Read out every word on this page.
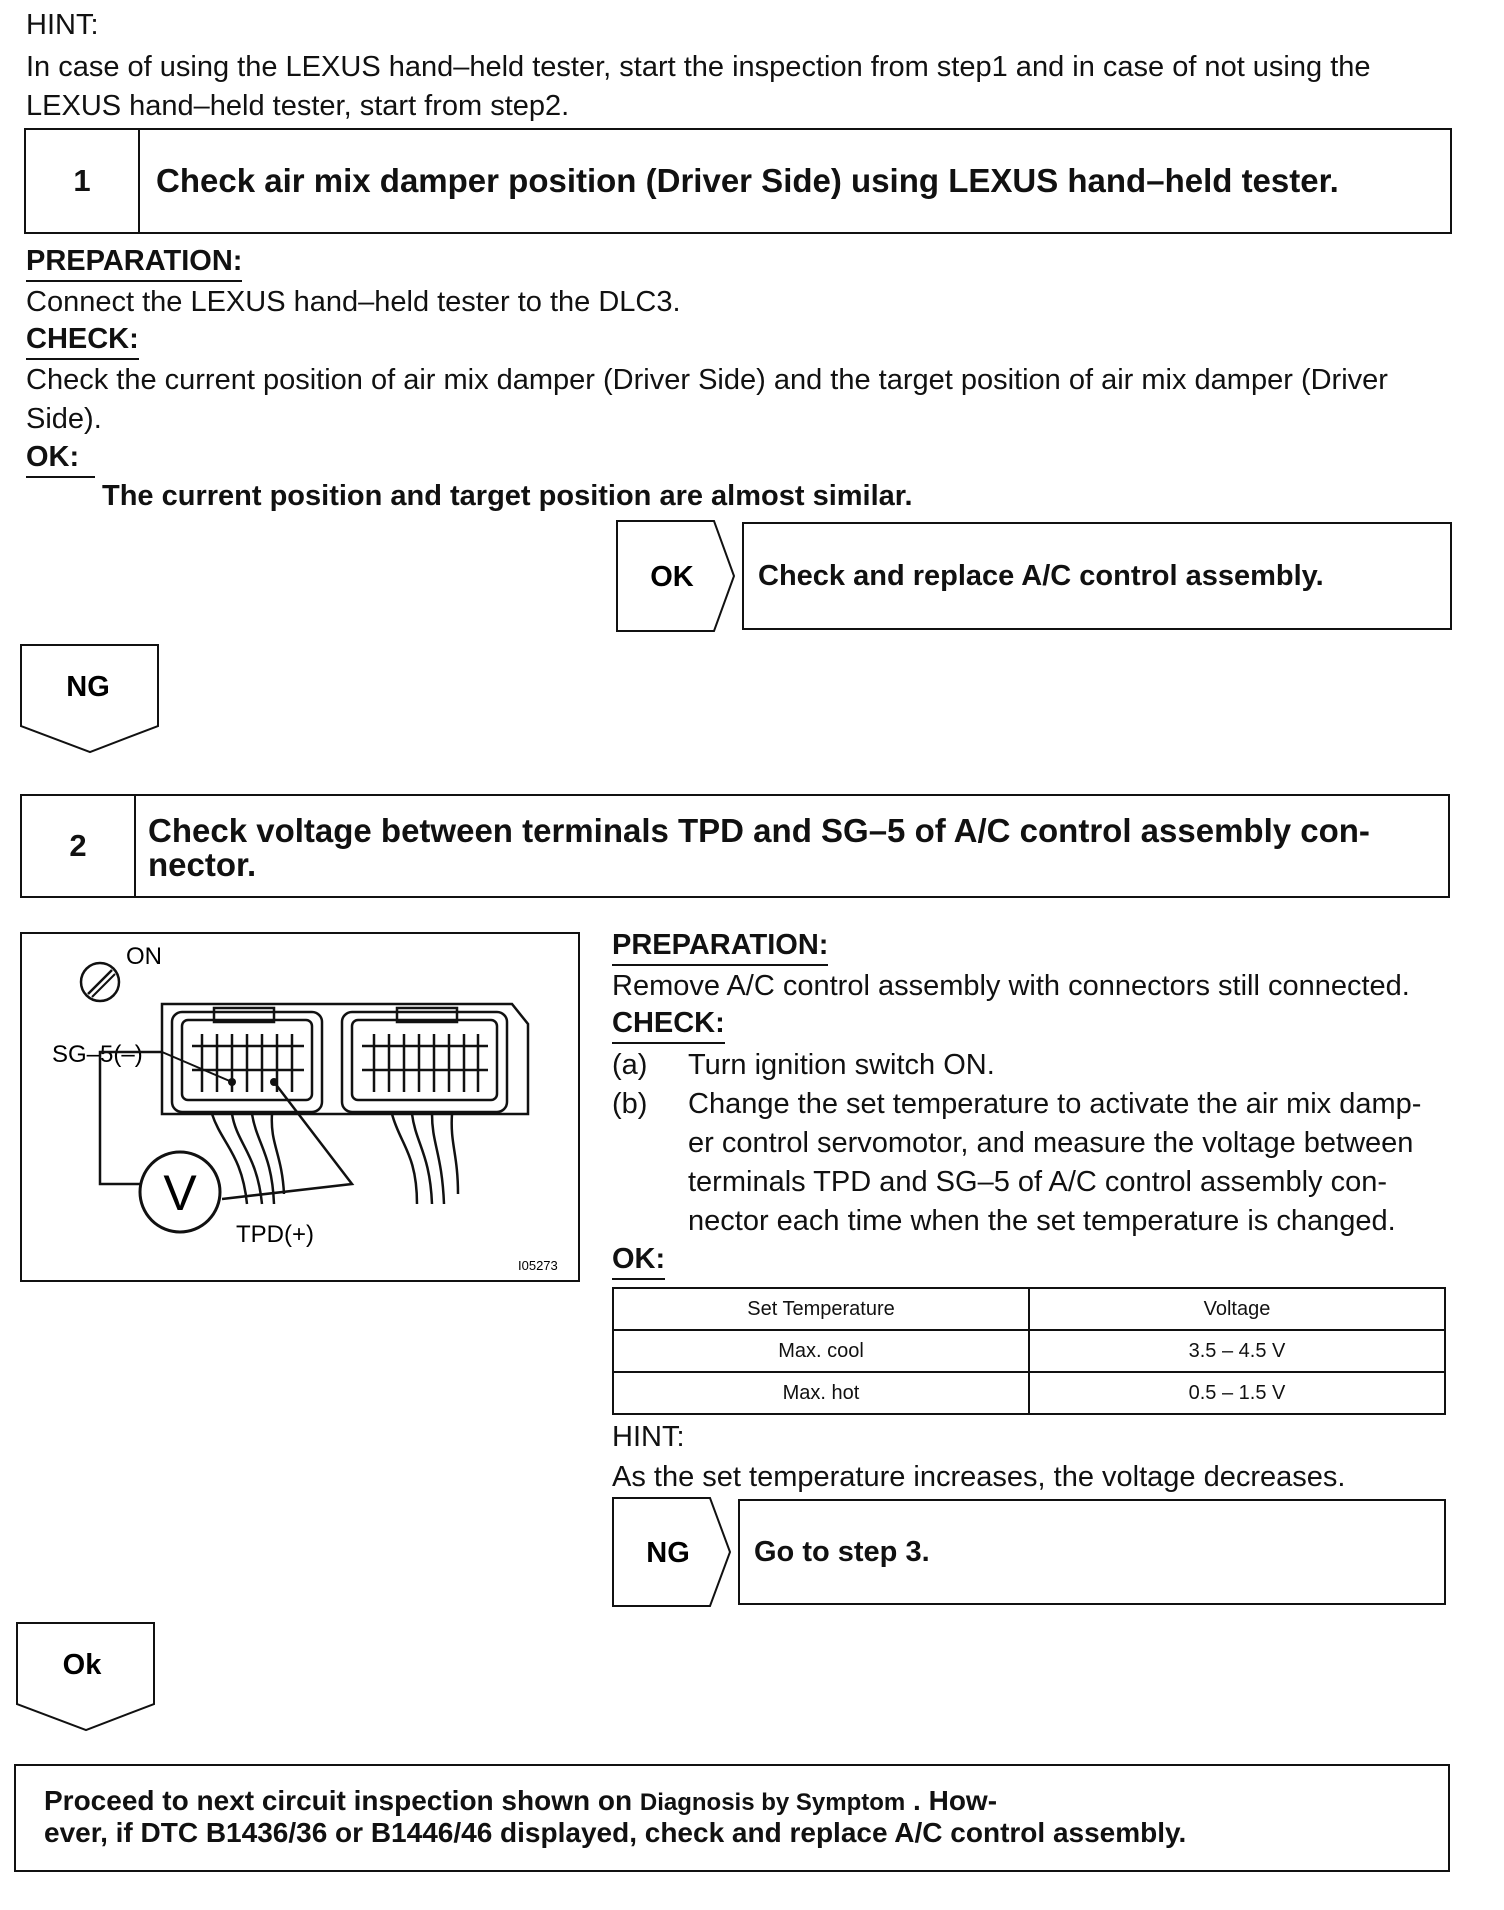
HINT:
In case of using the LEXUS hand–held tester, start the inspection from step1 and in case of not using the
LEXUS hand–held tester, start from step2.
1	Check air mix damper position (Driver Side) using LEXUS hand–held tester.
PREPARATION:
Connect the LEXUS hand–held tester to the DLC3.
CHECK:
Check the current position of air mix damper (Driver Side) and the target position of air mix damper (Driver
Side).
OK:
The current position and target position are almost similar.
OK	Check and replace A/C control assembly.
NG
2	Check voltage between terminals TPD and SG–5 of A/C control assembly con-
nector.
ON
SG–5(–)
V
TPD(+)
I05273
PREPARATION:
Remove A/C control assembly with connectors still connected.
CHECK:
(a) Turn ignition switch ON.
(b) Change the set temperature to activate the air mix damp-
er control servomotor, and measure the voltage between
terminals TPD and SG–5 of A/C control assembly con-
nector each time when the set temperature is changed.
OK:
Set Temperature	Voltage
Max. cool	3.5 – 4.5 V
Max. hot	0.5 – 1.5 V
HINT:
As the set temperature increases, the voltage decreases.
NG	Go to step 3.
Ok
Proceed to next circuit inspection shown on Diagnosis by Symptom . How-
ever, if DTC B1436/36 or B1446/46 displayed, check and replace A/C control assembly.
